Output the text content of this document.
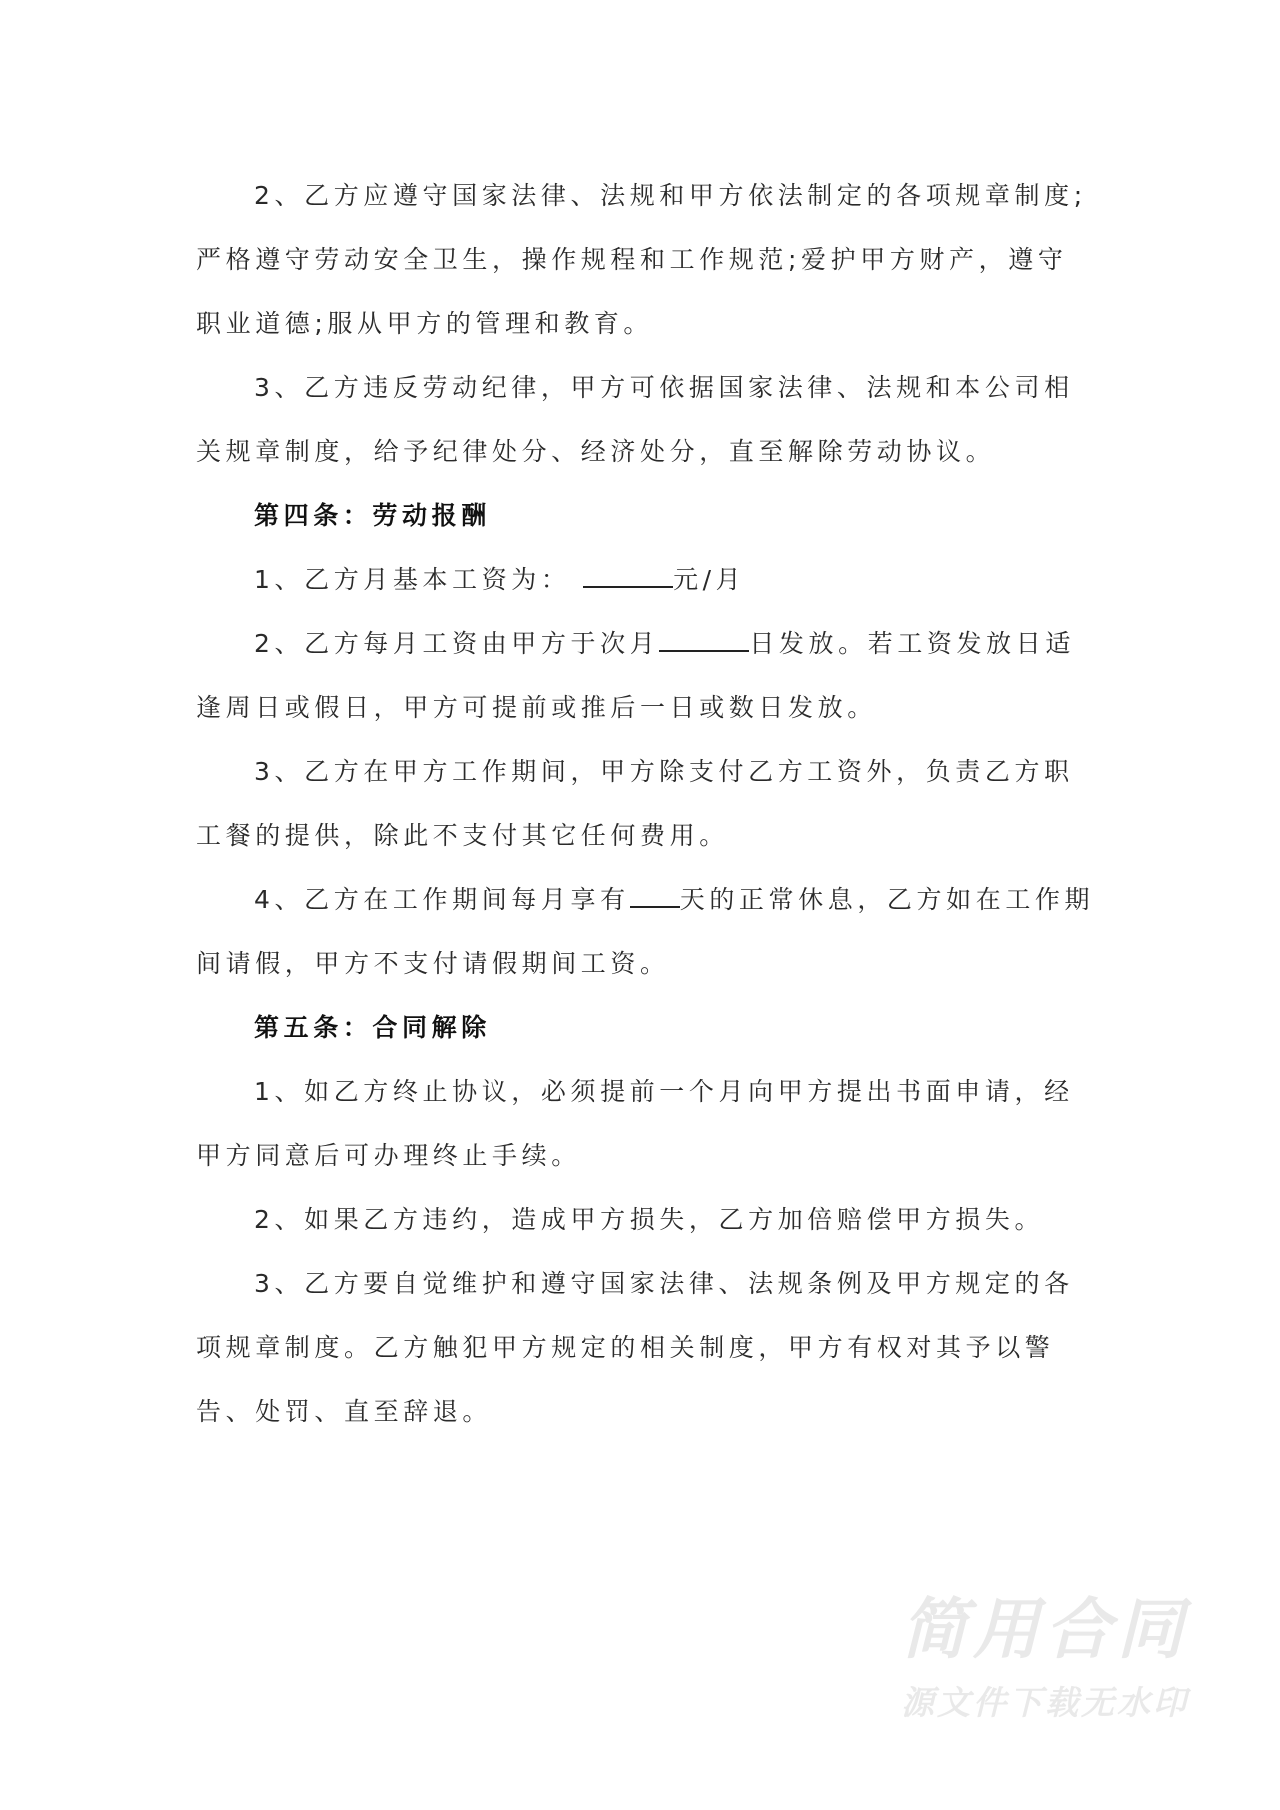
2、乙方应遵守国家法律、法规和甲方依法制定的各项规章制度;严格遵守劳动安全卫生，操作规程和工作规范;爱护甲方财产，遵守职业道德;服从甲方的管理和教育。

3、乙方违反劳动纪律，甲方可依据国家法律、法规和本公司相关规章制度，给予纪律处分、经济处分，直至解除劳动协议。

第四条：劳动报酬

1、乙方月基本工资为：	元/月

2、乙方每月工资由甲方于次月	日发放。若工资发放日适逢周日或假日，甲方可提前或推后一日或数日发放。

3、乙方在甲方工作期间，甲方除支付乙方工资外，负责乙方职工餐的提供，除此不支付其它任何费用。

4、乙方在工作期间每月享有 天的正常休息，乙方如在工作期间请假，甲方不支付请假期间工资。

第五条：合同解除

1、如乙方终止协议，必须提前一个月向甲方提出书面申请，经甲方同意后可办理终止手续。

2、如果乙方违约，造成甲方损失，乙方加倍赔偿甲方损失。

3、乙方要自觉维护和遵守国家法律、法规条例及甲方规定的各项规章制度。乙方触犯甲方规定的相关制度，甲方有权对其予以警告、处罚、直至辞退。

简用合同
源文件下载无水印
